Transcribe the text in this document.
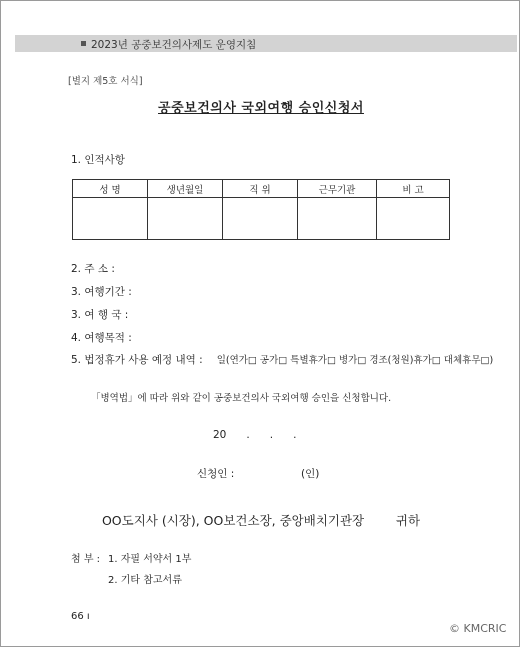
2023년 공중보건의사제도 운영지침
[별지 제5호 서식]
공중보건의사 국외여행 승인신청서
1. 인적사항
성 명	생년월일	직 위	근무기관	비 고

2. 주 소 :
3. 여행기간 :
3. 여 행 국 :
4. 여행목적 :
5. 법정휴가 사용 예정 내역 : 일(연가□ 공가□ 특별휴가□ 병가□ 경조(청원)휴가□ 대체휴무□)
「병역법」에 따라 위와 같이 공중보건의사 국외여행 승인을 신청합니다.
20      .      .      .
신청인 :                    (인)
OO도지사 (시장), OO보건소장, 중앙배치기관장        귀하
첨 부 : 1. 자필 서약서 1부
2. 기타 참고서류
66 ı
© KMCRIC
